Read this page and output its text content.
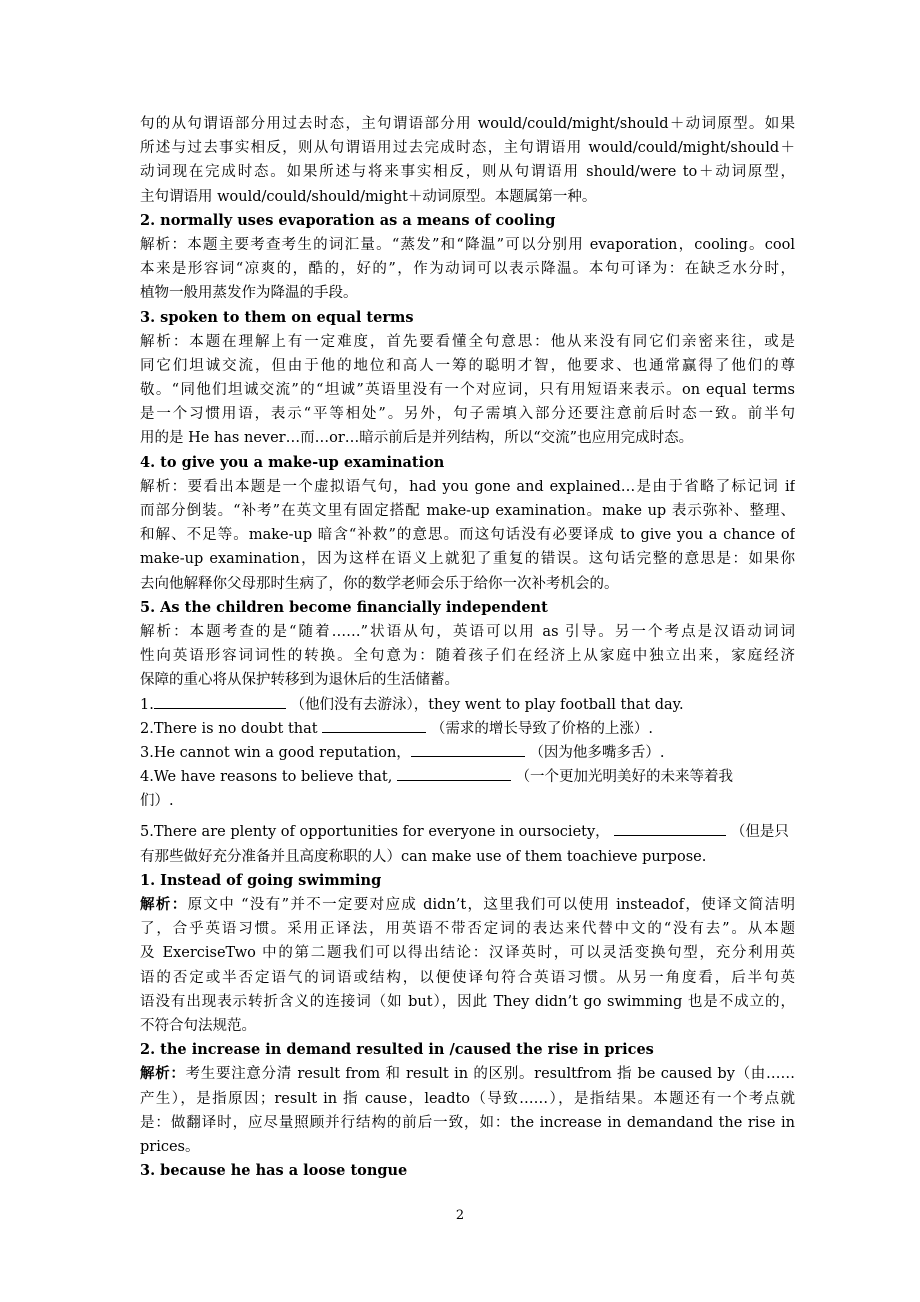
句的从句谓语部分用过去时态，主句谓语部分用 would/could/might/should＋动词原型。如果
所述与过去事实相反，则从句谓语用过去完成时态，主句谓语用 would/could/might/should＋
动词现在完成时态。如果所述与将来事实相反，则从句谓语用 should/were to＋动词原型，
主句谓语用 would/could/should/might＋动词原型。本题属第一种。
2. normally uses evaporation as a means of cooling
解析：本题主要考查考生的词汇量。“蒸发”和“降温”可以分别用 evaporation，cooling。cool
本来是形容词“凉爽的，酷的，好的”，作为动词可以表示降温。本句可译为：在缺乏水分时，
植物一般用蒸发作为降温的手段。
3. spoken to them on equal terms
解析：本题在理解上有一定难度，首先要看懂全句意思：他从来没有同它们亲密来往，或是
同它们坦诚交流，但由于他的地位和高人一筹的聪明才智，他要求、也通常赢得了他们的尊
敬。“同他们坦诚交流”的“坦诚”英语里没有一个对应词，只有用短语来表示。on equal terms
是一个习惯用语，表示“平等相处”。另外，句子需填入部分还要注意前后时态一致。前半句
用的是 He has never…而…or…暗示前后是并列结构，所以“交流”也应用完成时态。
4. to give you a make-up examination
解析：要看出本题是一个虚拟语气句，had you gone and explained…是由于省略了标记词 if
而部分倒装。“补考”在英文里有固定搭配 make-up examination。make up 表示弥补、整理、
和解、不足等。make-up 暗含“补救”的意思。而这句话没有必要译成 to give you a chance of
make-up examination，因为这样在语义上就犯了重复的错误。这句话完整的意思是：如果你
去向他解释你父母那时生病了，你的数学老师会乐于给你一次补考机会的。
5. As the children become financially independent
解析：本题考查的是“随着……”状语从句，英语可以用 as 引导。另一个考点是汉语动词词
性向英语形容词词性的转换。全句意为：随着孩子们在经济上从家庭中独立出来，家庭经济
保障的重心将从保护转移到为退休后的生活储蓄。
1.	（他们没有去游泳），they went to play football that day.
2.There is no doubt that	（需求的增长导致了价格的上涨）.
3.He cannot win a good reputation，	（因为他多嘴多舌）.
4.We have reasons to believe that,	（一个更加光明美好的未来等着我
们）.
5.There are plenty of opportunities for everyone in oursociety，	（但是只
有那些做好充分准备并且高度称职的人）can make use of them toachieve purpose.
1. Instead of going swimming
解析：原文中 “没有”并不一定要对应成 didn’t，这里我们可以使用 insteadof，使译文简洁明
了，合乎英语习惯。采用正译法，用英语不带否定词的表达来代替中文的“没有去”。从本题
及 ExerciseTwo 中的第二题我们可以得出结论：汉译英时，可以灵活变换句型，充分利用英
语的否定或半否定语气的词语或结构，以便使译句符合英语习惯。从另一角度看，后半句英
语没有出现表示转折含义的连接词（如 but），因此 They didn’t go swimming 也是不成立的，
不符合句法规范。
2. the increase in demand resulted in /caused the rise in prices
解析：考生要注意分清 result from 和 result in 的区别。resultfrom 指 be caused by（由……
产生），是指原因；result in 指 cause，leadto（导致……），是指结果。本题还有一个考点就
是：做翻译时，应尽量照顾并行结构的前后一致，如：the increase in demandand the rise in
prices。
3. because he has a loose tongue
2
